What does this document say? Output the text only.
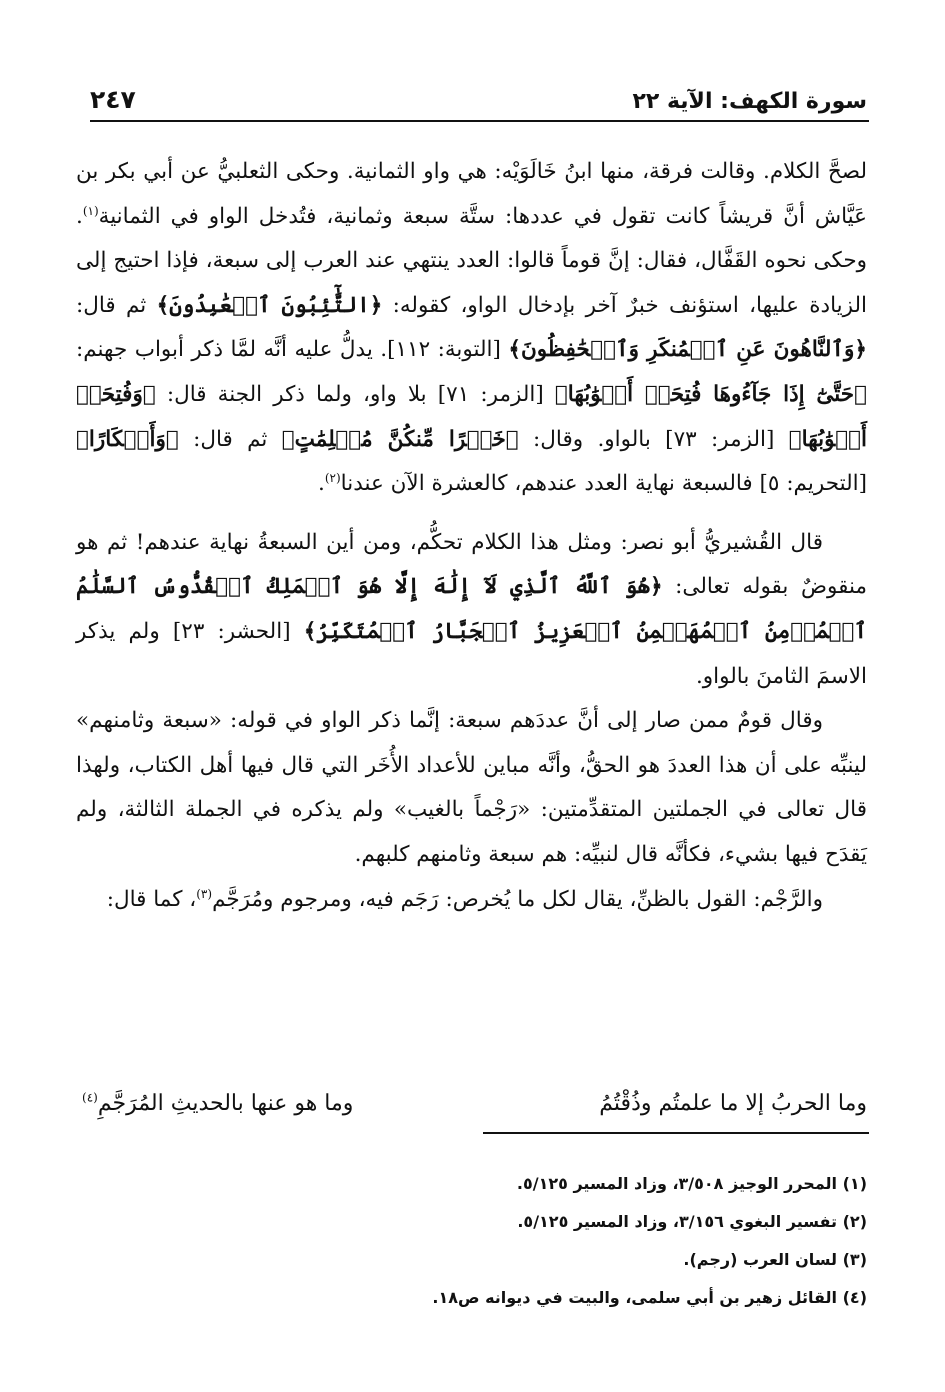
سورة الكهف: الآية ٢٢
٢٤٧

لصحَّ الكلام. وقالت فرقة، منها ابنُ خَالَوَيْه: هي واو الثمانية. وحكى الثعلبيُّ عن أبي بكر بن عَيَّاش أنَّ قريشاً كانت تقول في عددها: ستَّة سبعة وثمانية، فتُدخل الواو في الثمانية$^{(١)}$. وحكى نحوه القَفَّال، فقال: إنَّ قوماً قالوا: العدد ينتهي عند العرب إلى سبعة، فإذا احتيج إلى الزيادة عليها، استؤنف خبرٌ آخر بإدخال الواو، كقوله: ﴿التَّٰٓئِبُونَ ٱلۡعَٰبِدُونَ﴾ ثم قال: ﴿وَٱلنَّاهُونَ عَنِ ٱلۡمُنكَرِ وَٱلۡحَٰفِظُونَ﴾ [التوبة: ١١٢]. يدلُّ عليه أنَّه لمَّا ذكر أبواب جهنم: ﴿حَتَّىٰٓ إِذَا جَآءُوهَا فُتِحَتۡ أَبۡوَٰبُهَا﴾ [الزمر: ٧١] بلا واو، ولما ذكر الجنة قال: ﴿وَفُتِحَتۡ أَبۡوَٰبُهَا﴾ [الزمر: ٧٣] بالواو. وقال: ﴿خَيۡرًا مِّنكُنَّ مُسۡلِمَٰتٍ﴾ ثم قال: ﴿وَأَبۡكَارًا﴾ [التحريم: ٥] فالسبعة نهاية العدد عندهم، كالعشرة الآن عندنا$^{(٢)}$.

قال القُشيريُّ أبو نصر: ومثل هذا الكلام تحكُّم، ومن أين السبعةُ نهاية عندهم! ثم هو منقوضٌ بقوله تعالى: ﴿هُوَ ٱللَّهُ ٱلَّذِي لَآ إِلَٰهَ إِلَّا هُوَ ٱلۡمَلِكُ ٱلۡقُدُّوسُ ٱلسَّلَٰمُ ٱلۡمُؤۡمِنُ ٱلۡمُهَيۡمِنُ ٱلۡعَزِيزُ ٱلۡجَبَّارُ ٱلۡمُتَكَبِّرُ﴾ [الحشر: ٢٣] ولم يذكر الاسمَ الثامنَ بالواو.

وقال قومٌ ممن صار إلى أنَّ عددَهم سبعة: إنَّما ذكر الواو في قوله: «سبعة وثامنهم» لينبِّه على أن هذا العددَ هو الحقُّ، وأنَّه مباين للأعداد الأُخَر التي قال فيها أهل الكتاب، ولهذا قال تعالى في الجملتين المتقدِّمتين: «رَجْماً بالغيب» ولم يذكره في الجملة الثالثة، ولم يَقدَح فيها بشيء، فكأنَّه قال لنبيِّه: هم سبعة وثامنهم كلبهم.

والرَّجْم: القول بالظنِّ، يقال لكل ما يُخرص: رَجَم فيه، ومرجوم ومُرَجَّم$^{(٣)}$، كما قال:

وما الحربُ إلا ما علمتُم وذُقْتُمُ
وما هو عنها بالحديثِ المُرَجَّمِ$^{(٤)}$
(١) المحرر الوجيز ٣/٥٠٨، وزاد المسير ٥/١٢٥.
(٢) تفسير البغوي ٣/١٥٦، وزاد المسير ٥/١٢٥.
(٣) لسان العرب (رجم).
(٤) القائل زهير بن أبي سلمى، والبيت في ديوانه ص١٨.
